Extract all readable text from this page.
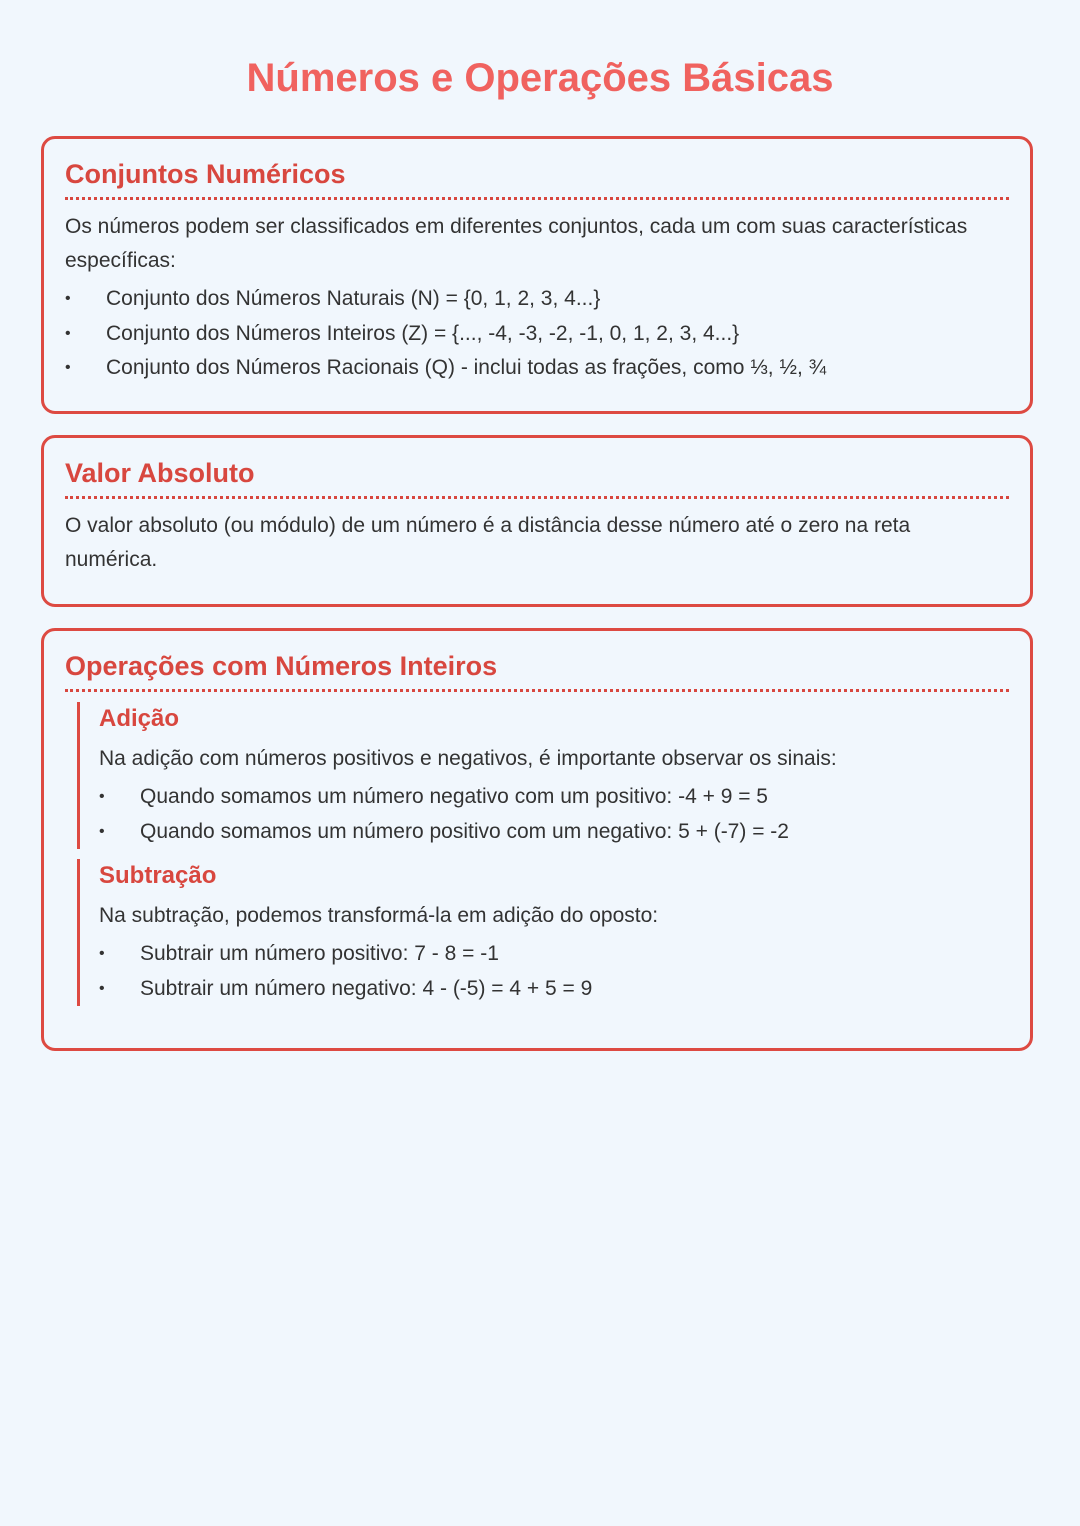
Números e Operações Básicas
Conjuntos Numéricos

Os números podem ser classificados em diferentes conjuntos, cada um com suas características específicas:

• Conjunto dos Números Naturais (N) = {0, 1, 2, 3, 4...}
• Conjunto dos Números Inteiros (Z) = {..., -4, -3, -2, -1, 0, 1, 2, 3, 4...}
• Conjunto dos Números Racionais (Q) - inclui todas as frações, como ⅓, ½, ¾
Valor Absoluto

O valor absoluto (ou módulo) de um número é a distância desse número até o zero na reta numérica.

Operações com Números Inteiros
Adição

Na adição com números positivos e negativos, é importante observar os sinais:

• Quando somamos um número negativo com um positivo: -4 + 9 = 5
• Quando somamos um número positivo com um negativo: 5 + (-7) = -2
Subtração

Na subtração, podemos transformá-la em adição do oposto:

• Subtrair um número positivo: 7 - 8 = -1
• Subtrair um número negativo: 4 - (-5) = 4 + 5 = 9
